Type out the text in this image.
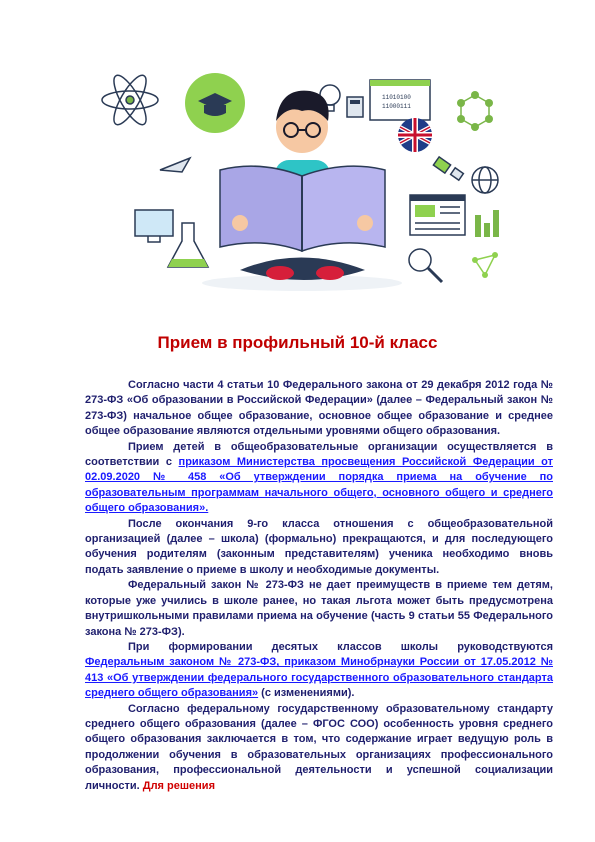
11010100
11000111
Прием в профильный 10-й класс

Согласно части 4 статьи 10 Федерального закона от 29 декабря 2012 года № 273-ФЗ «Об образовании в Российской Федерации» (далее – Федеральный закон № 273-ФЗ) начальное общее образование, основное общее образование и среднее общее образование являются отдельными уровнями общего образования.

Прием детей в общеобразовательные организации осуществляется в соответствии с приказом Министерства просвещения Российской Федерации от 02.09.2020 № 458 «Об утверждении порядка приема на обучение по образовательным программам начального общего, основного общего и среднего общего образования».

После окончания 9-го класса отношения с общеобразовательной организацией (далее – школа) (формально) прекращаются, и для последующего обучения родителям (законным представителям) ученика необходимо вновь подать заявление о приеме в школу и необходимые документы.

Федеральный закон № 273-ФЗ не дает преимуществ в приеме тем детям, которые уже учились в школе ранее, но такая льгота может быть предусмотрена внутришкольными правилами приема на обучение (часть 9 статьи 55 Федерального закона № 273-ФЗ).

При формировании десятых классов школы руководствуются Федеральным законом № 273-ФЗ, приказом Минобрнауки России от 17.05.2012 № 413 «Об утверждении федерального государственного образовательного стандарта среднего общего образования» (с изменениями).

Согласно федеральному государственному образовательному стандарту среднего общего образования (далее – ФГОС СОО) особенность уровня среднего общего образования заключается в том, что содержание играет ведущую роль в продолжении обучения в образовательных организациях профессионального образования, профессиональной деятельности и успешной социализации личности. Для решения
